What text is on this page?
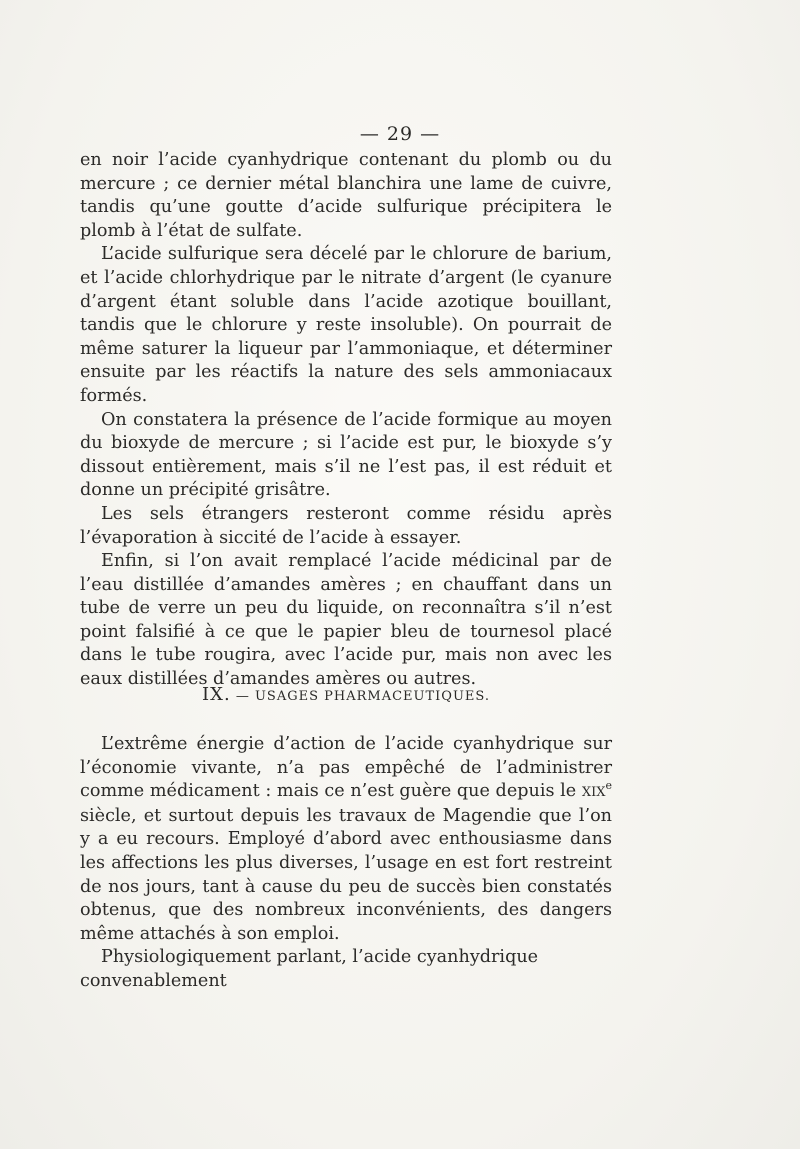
— 29 —

en noir l’acide cyanhydrique contenant du plomb ou du mercure ; ce dernier métal blanchira une lame de cuivre, tandis qu’une goutte d’acide sulfurique précipitera le plomb à l’état de sulfate.

L’acide sulfurique sera décelé par le chlorure de barium, et l’acide chlorhydrique par le nitrate d’argent (le cyanure d’argent étant soluble dans l’acide azotique bouillant, tandis que le chlorure y reste insoluble). On pourrait de même saturer la liqueur par l’ammoniaque, et déterminer ensuite par les réactifs la nature des sels ammoniacaux formés.

On constatera la présence de l’acide formique au moyen du bioxyde de mercure ; si l’acide est pur, le bioxyde s’y dissout entièrement, mais s’il ne l’est pas, il est réduit et donne un précipité grisâtre.

Les sels étrangers resteront comme résidu après l’évaporation à siccité de l’acide à essayer.

Enfin, si l’on avait remplacé l’acide médicinal par de l’eau distillée d’amandes amères ; en chauffant dans un tube de verre un peu du liquide, on reconnaîtra s’il n’est point falsifié à ce que le papier bleu de tournesol placé dans le tube rougira, avec l’acide pur, mais non avec les eaux distillées d’amandes amères ou autres.

IX. — USAGES PHARMACEUTIQUES.

L’extrême énergie d’action de l’acide cyanhydrique sur l’économie vivante, n’a pas empêché de l’administrer comme médicament : mais ce n’est guère que depuis le XIXe siècle, et surtout depuis les travaux de Magendie que l’on y a eu recours. Employé d’abord avec enthousiasme dans les affections les plus diverses, l’usage en est fort restreint de nos jours, tant à cause du peu de succès bien constatés obtenus, que des nombreux inconvénients, des dangers même attachés à son emploi.

Physiologiquement parlant, l’acide cyanhydrique convenablement
